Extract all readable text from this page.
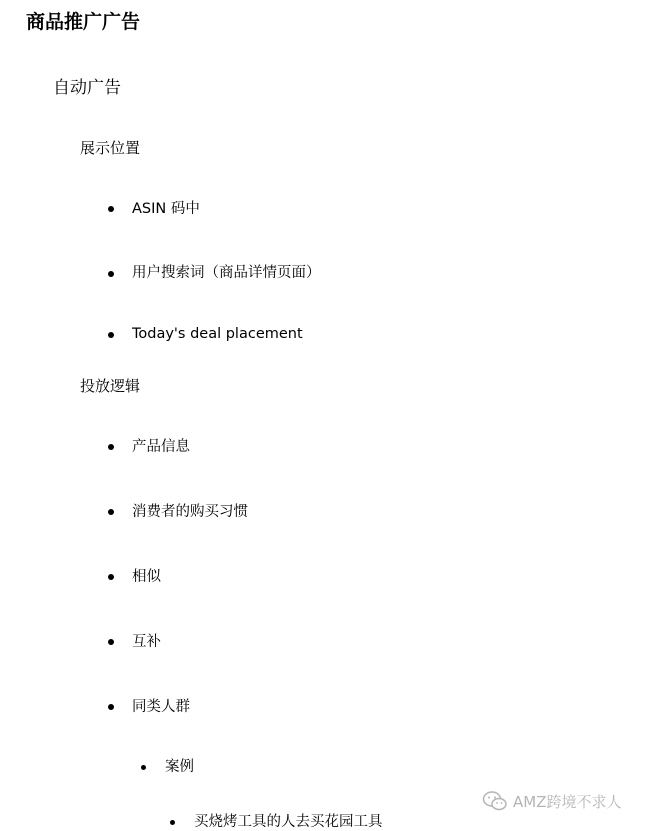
商品推广广告
自动广告
展示位置
ASIN 码中
用户搜索词（商品详情页面）
Today's deal placement
投放逻辑
产品信息
消费者的购买习惯
相似
互补
同类人群
案例
买烧烤工具的人去买花园工具
AMZ跨境不求人
